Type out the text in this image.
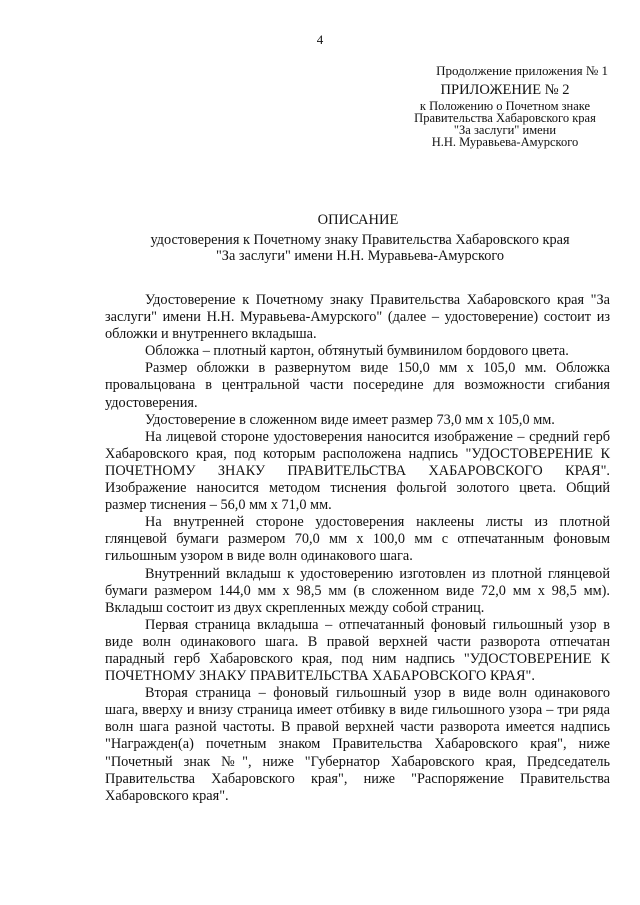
4
Продолжение приложения № 1
ПРИЛОЖЕНИЕ № 2
к Положению о Почетном знаке
Правительства Хабаровского края
"За заслуги" имени
Н.Н. Муравьева-Амурского
ОПИСАНИЕ
удостоверения к Почетному знаку Правительства Хабаровского края
"За заслуги" имени Н.Н. Муравьева-Амурского

Удостоверение к Почетному знаку Правительства Хабаровского края "За заслуги" имени Н.Н. Муравьева-Амурского" (далее – удостоверение) состоит из обложки и внутреннего вкладыша.

Обложка – плотный картон, обтянутый бумвинилом бордового цвета.

Размер обложки в развернутом виде 150,0 мм х 105,0 мм. Обложка провальцована в центральной части посередине для возможности сгибания удостоверения.

Удостоверение в сложенном виде имеет размер 73,0 мм х 105,0 мм.

На лицевой стороне удостоверения наносится изображение – средний герб Хабаровского края, под которым расположена надпись "УДОСТОВЕРЕНИЕ К ПОЧЕТНОМУ ЗНАКУ ПРАВИТЕЛЬСТВА ХАБАРОВСКОГО КРАЯ". Изображение наносится методом тиснения фольгой золотого цвета. Общий размер тиснения – 56,0 мм х 71,0 мм.

На внутренней стороне удостоверения наклеены листы из плотной глянцевой бумаги размером 70,0 мм х 100,0 мм с отпечатанным фоновым гильошным узором в виде волн одинакового шага.

Внутренний вкладыш к удостоверению изготовлен из плотной глянцевой бумаги размером 144,0 мм х 98,5 мм (в сложенном виде 72,0 мм х 98,5 мм). Вкладыш состоит из двух скрепленных между собой страниц.

Первая страница вкладыша – отпечатанный фоновый гильошный узор в виде волн одинакового шага. В правой верхней части разворота отпечатан парадный герб Хабаровского края, под ним надпись "УДОСТОВЕРЕНИЕ К ПОЧЕТНОМУ ЗНАКУ ПРАВИТЕЛЬСТВА ХАБАРОВСКОГО КРАЯ".

Вторая страница – фоновый гильошный узор в виде волн одинакового шага, вверху и внизу страница имеет отбивку в виде гильошного узора – три ряда волн шага разной частоты. В правой верхней части разворота имеется надпись "Награжден(а) почетным знаком Правительства Хабаровского края", ниже "Почетный знак №", ниже "Губернатор Хабаровского края, Председатель Правительства Хабаровского края", ниже "Распоряжение Правительства Хабаровского края".
